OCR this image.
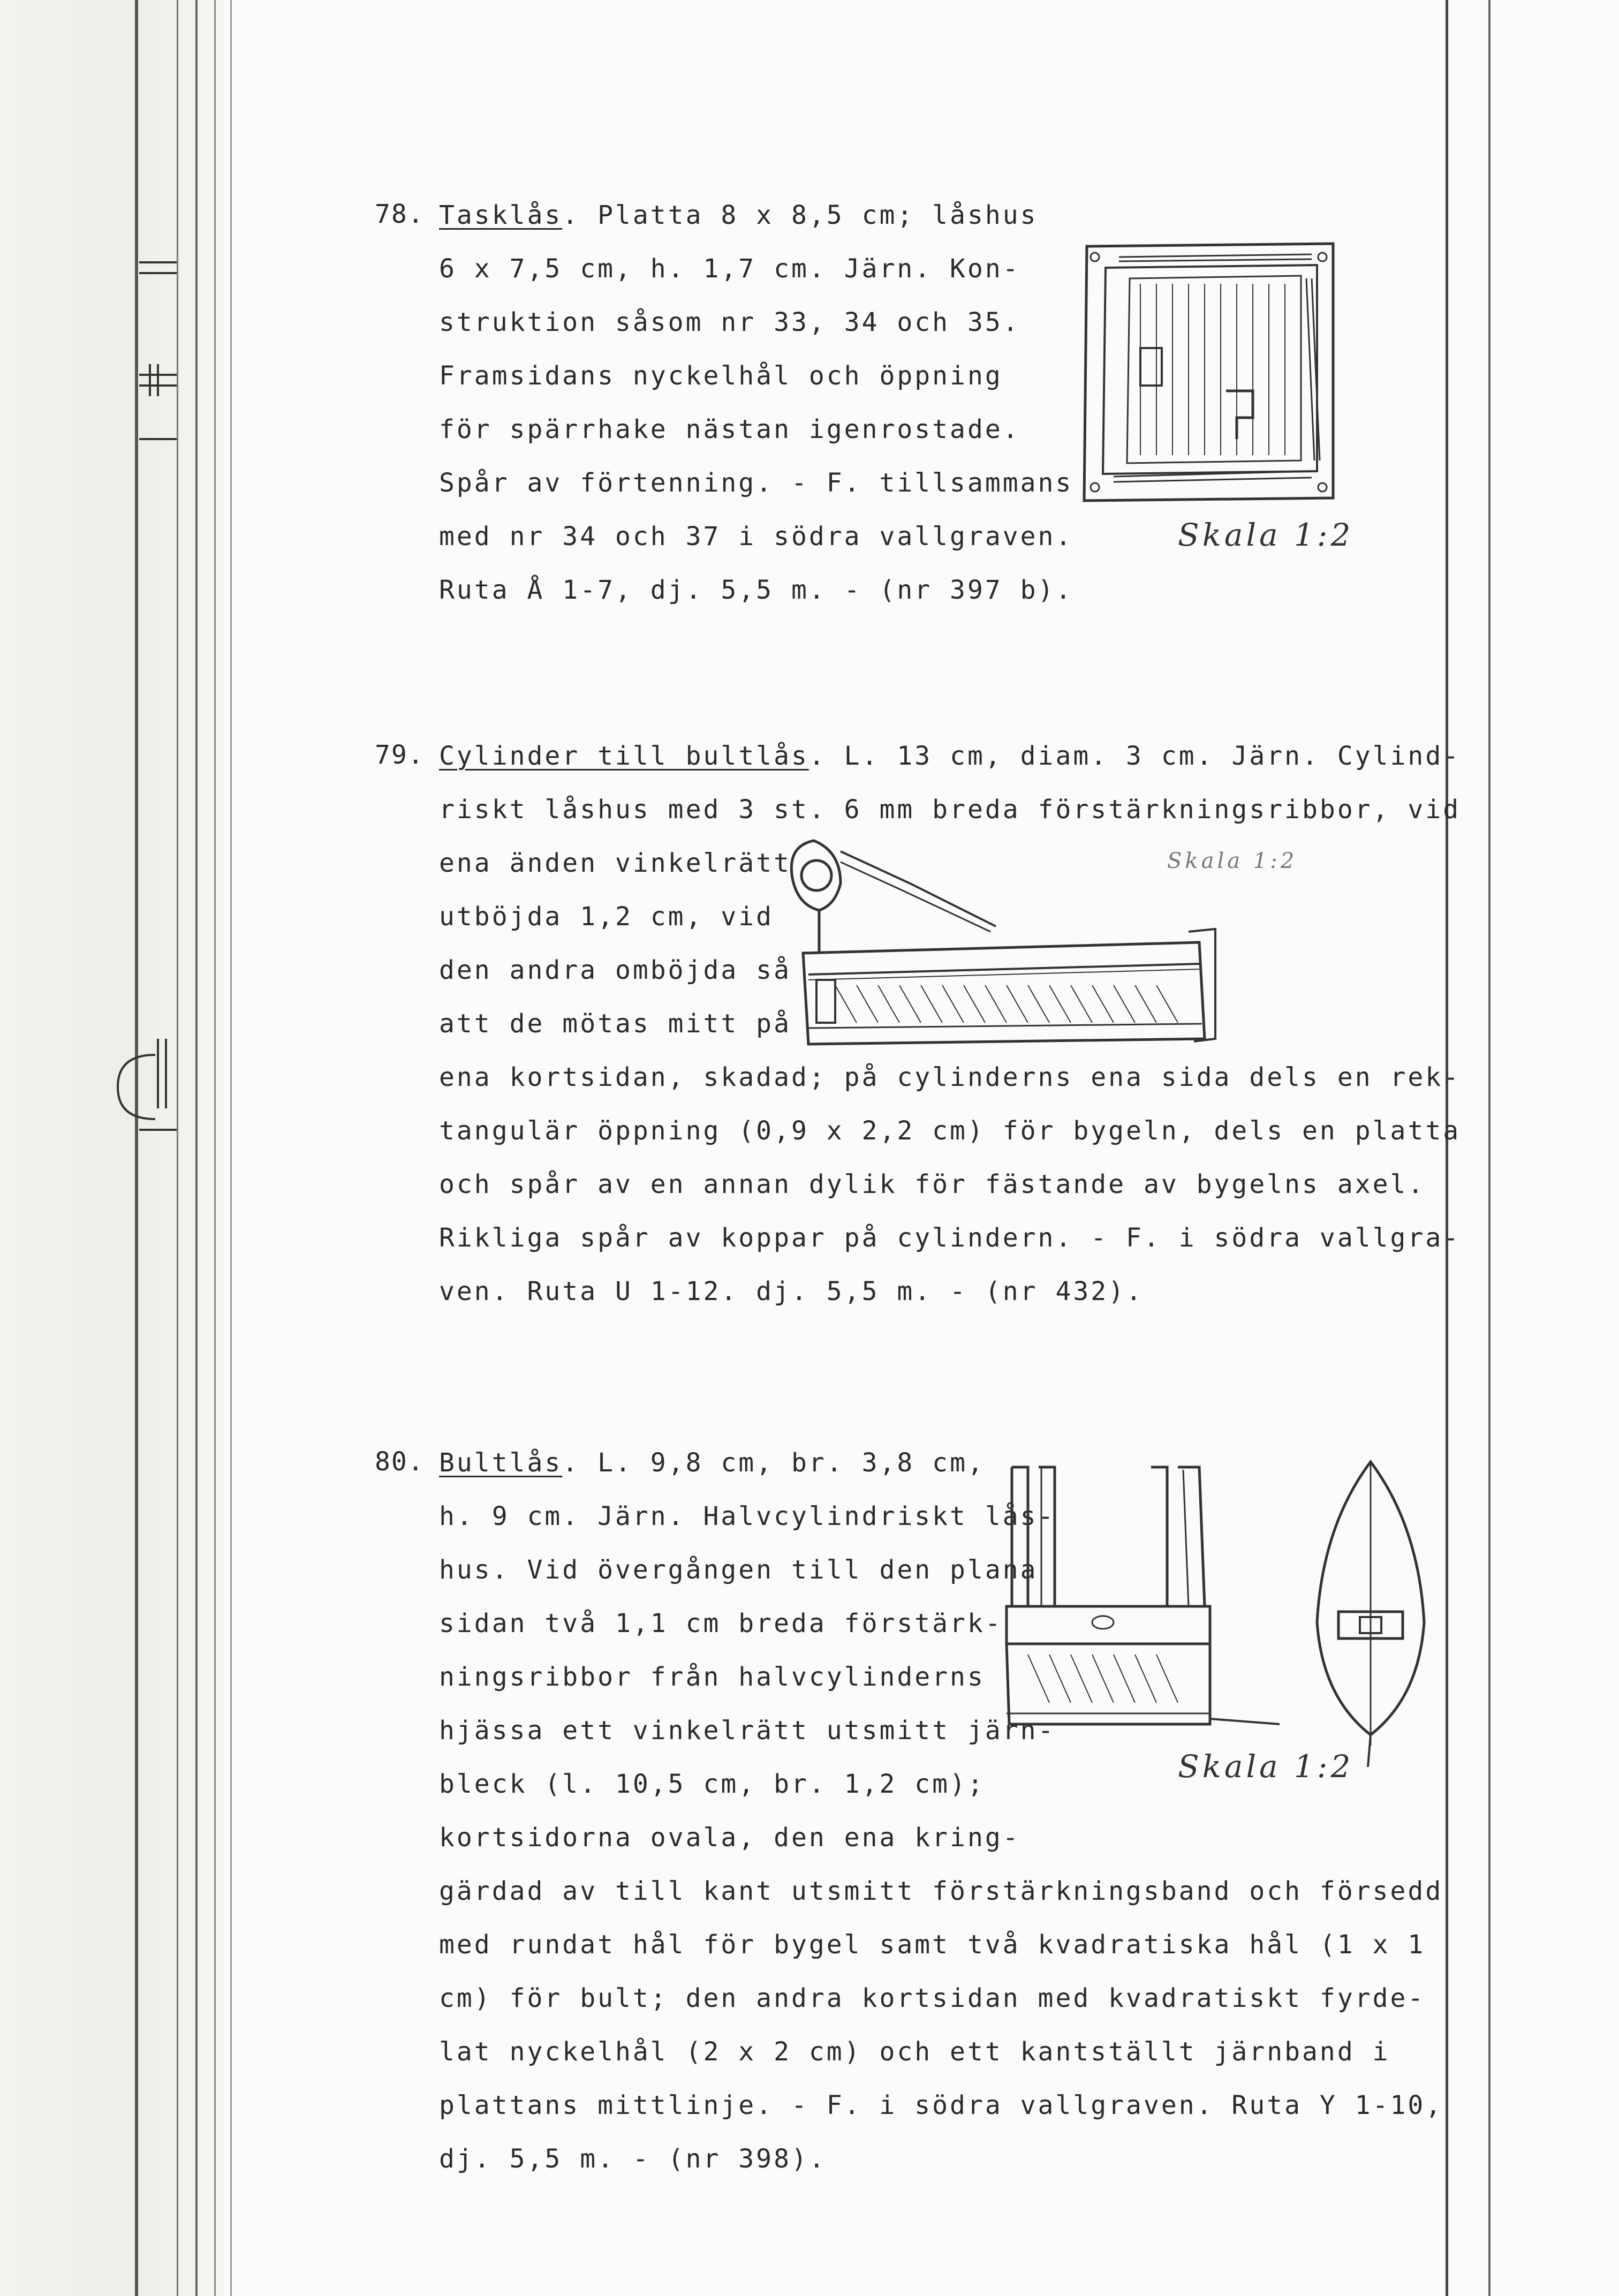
78. Tasklås. Platta 8 x 8,5 cm; låshus
6 x 7,5 cm, h. 1,7 cm. Järn. Kon-
struktion såsom nr 33, 34 och 35.
Framsidans nyckelhål och öppning
för spärrhake nästan igenrostade.
Spår av förtenning. - F. tillsammans
med nr 34 och 37 i södra vallgraven.
Ruta Å 1-7, dj. 5,5 m. - (nr 397 b).
Skala 1:2
79. Cylinder till bultlås. L. 13 cm, diam. 3 cm. Järn. Cylind-
riskt låshus med 3 st. 6 mm breda förstärkningsribbor, vid
ena änden vinkelrätt
utböjda 1,2 cm, vid
den andra omböjda så
att de mötas mitt på
ena kortsidan, skadad; på cylinderns ena sida dels en rek-
tangulär öppning (0,9 x 2,2 cm) för bygeln, dels en platta
och spår av en annan dylik för fästande av bygelns axel.
Rikliga spår av koppar på cylindern. - F. i södra vallgra-
ven. Ruta U 1-12. dj. 5,5 m. - (nr 432).
Skala 1:2
80. Bultlås. L. 9,8 cm, br. 3,8 cm,
h. 9 cm. Järn. Halvcylindriskt lås-
hus. Vid övergången till den plana
sidan två 1,1 cm breda förstärk-
ningsribbor från halvcylinderns
hjässa ett vinkelrätt utsmitt järn-
bleck (l. 10,5 cm, br. 1,2 cm);
kortsidorna ovala, den ena kring-
gärdad av till kant utsmitt förstärkningsband och försedd
med rundat hål för bygel samt två kvadratiska hål (1 x 1
cm) för bult; den andra kortsidan med kvadratiskt fyrde-
lat nyckelhål (2 x 2 cm) och ett kantställt järnband i
plattans mittlinje. - F. i södra vallgraven. Ruta Y 1-10,
dj. 5,5 m. - (nr 398).
Skala 1:2
